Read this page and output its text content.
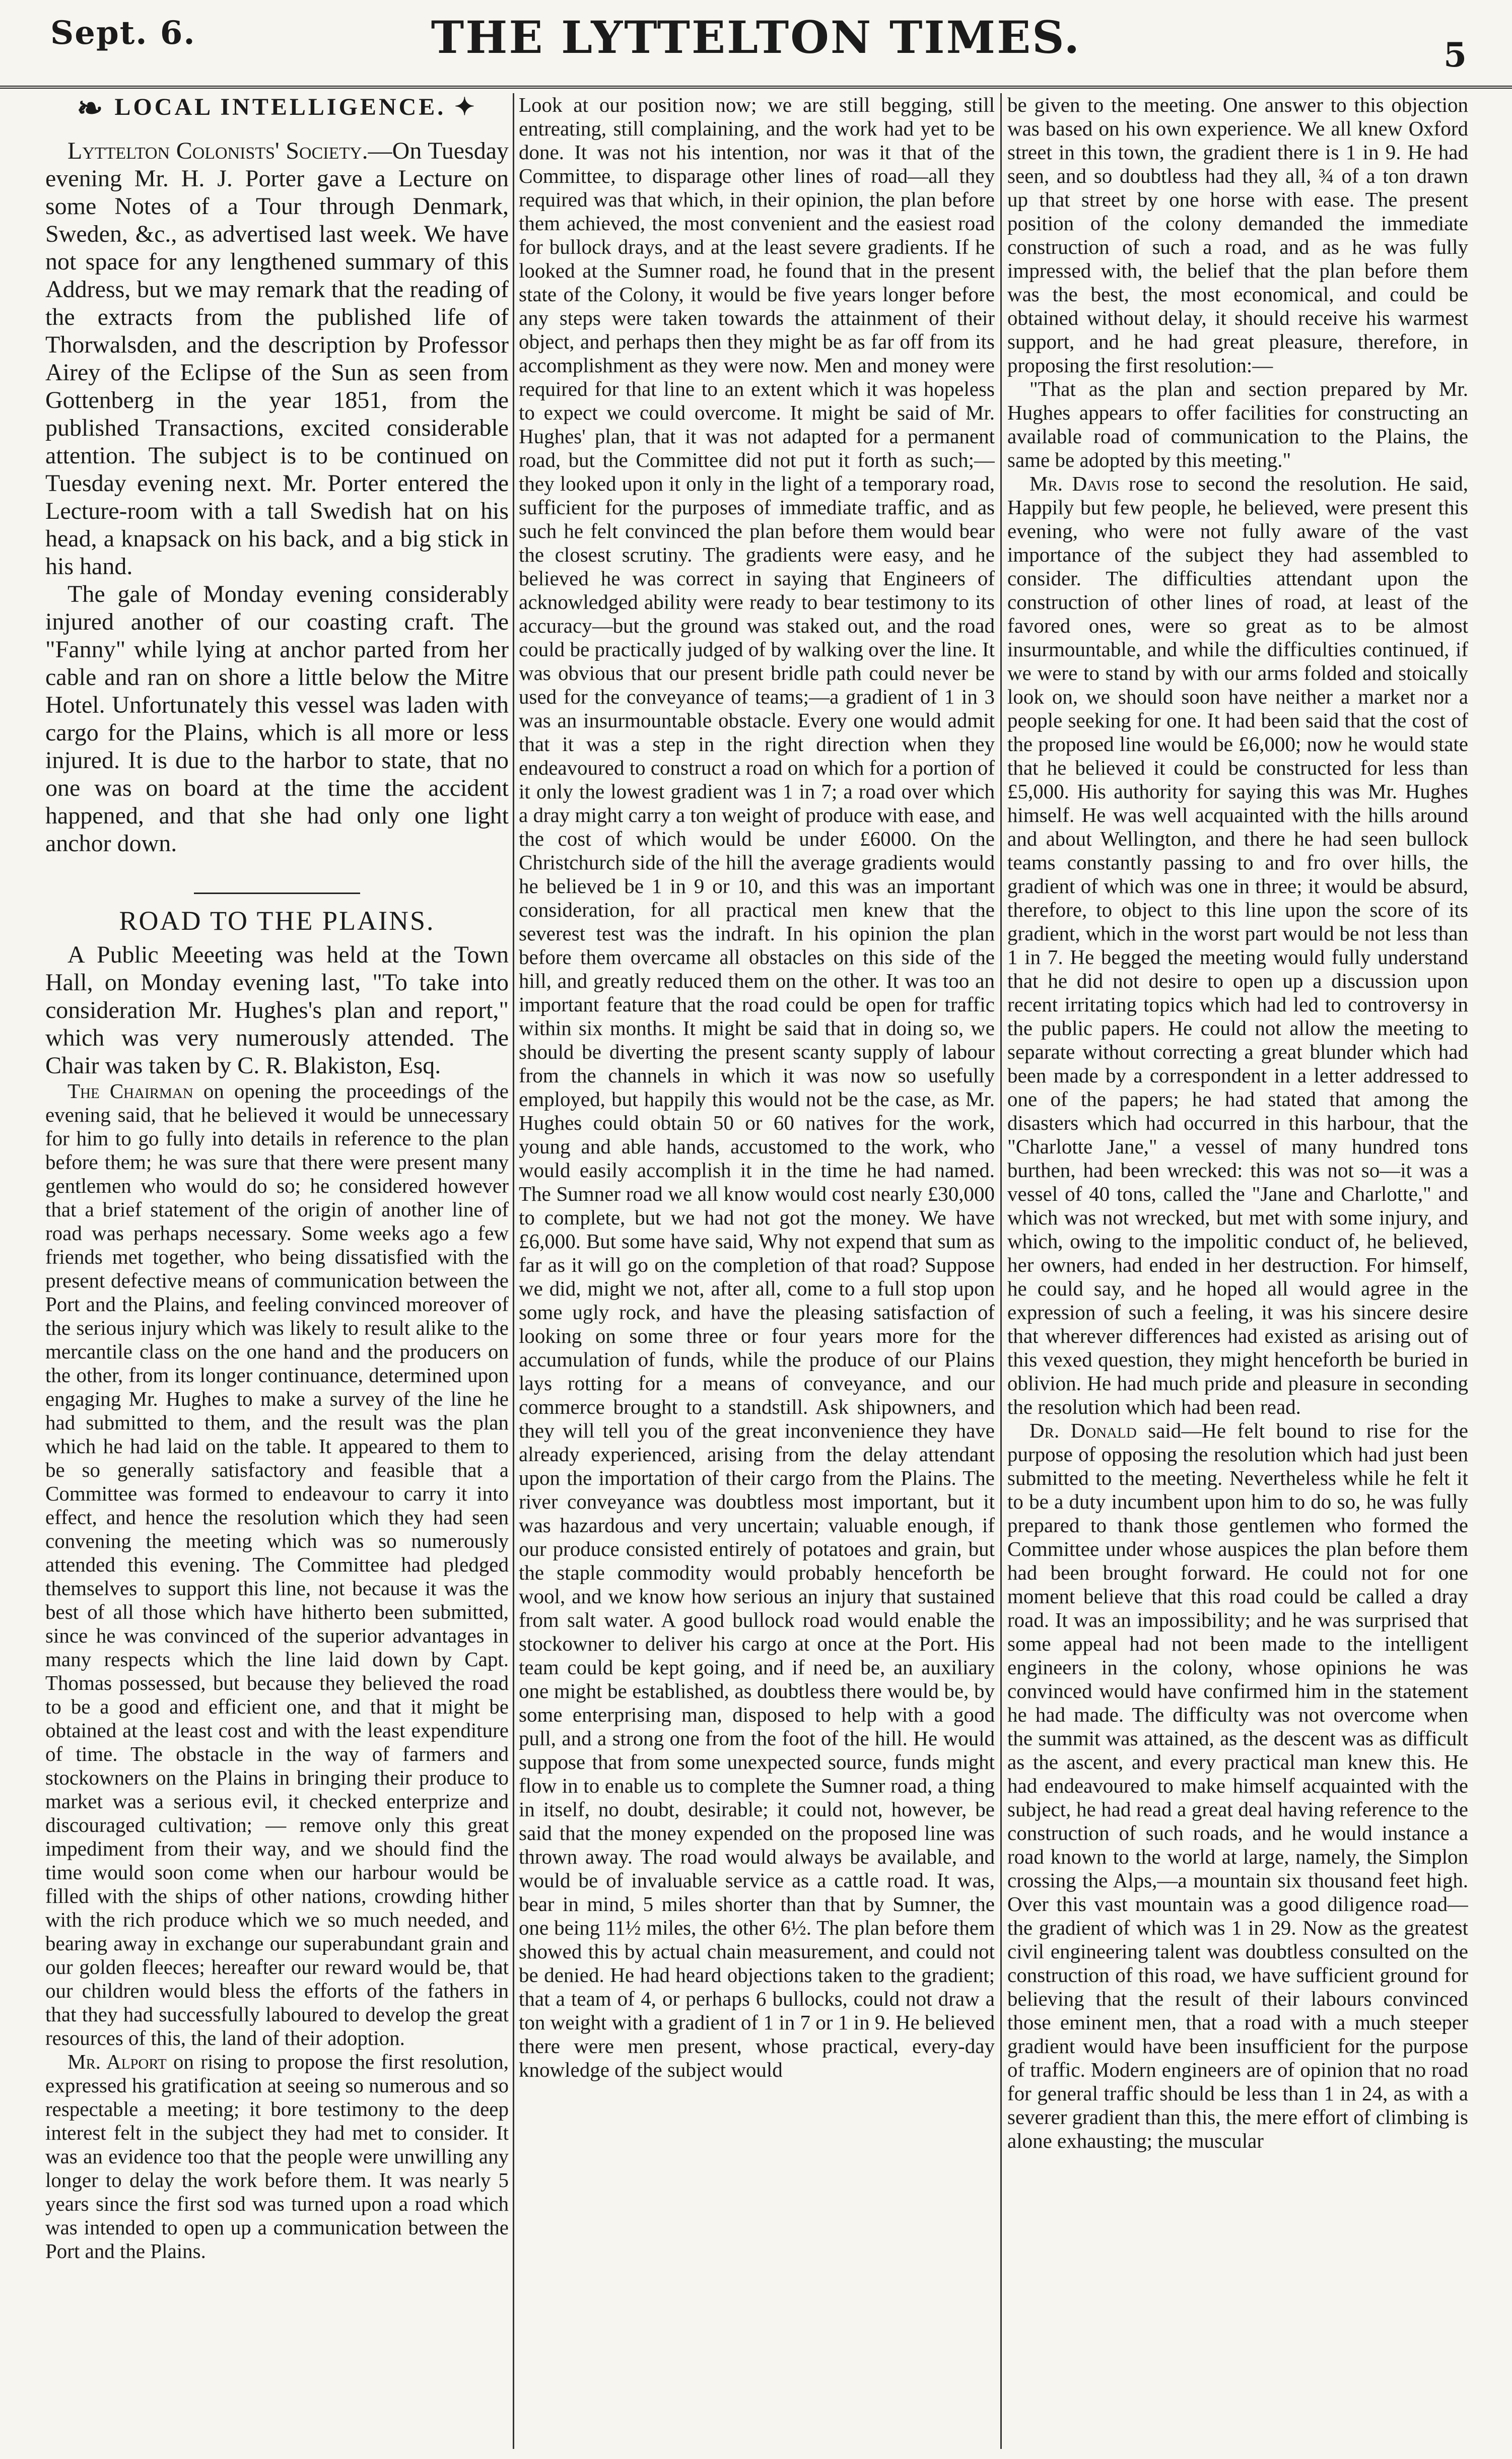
Sept. 6.	THE LYTTELTON TIMES.	5
❧ LOCAL INTELLIGENCE. ✦

Lyttelton Colonists' Society.—On Tuesday evening Mr. H. J. Porter gave a Lecture on some Notes of a Tour through Denmark, Sweden, &c., as advertised last week. We have not space for any lengthened summary of this Address, but we may remark that the reading of the extracts from the published life of Thorwalsden, and the description by Professor Airey of the Eclipse of the Sun as seen from Gottenberg in the year 1851, from the published Transactions, excited considerable attention. The subject is to be continued on Tuesday evening next. Mr. Porter entered the Lecture-room with a tall Swedish hat on his head, a knapsack on his back, and a big stick in his hand.

The gale of Monday evening considerably injured another of our coasting craft. The "Fanny" while lying at anchor parted from her cable and ran on shore a little below the Mitre Hotel. Unfortunately this vessel was laden with cargo for the Plains, which is all more or less injured. It is due to the harbor to state, that no one was on board at the time the accident happened, and that she had only one light anchor down.

ROAD TO THE PLAINS.

A Public Meeeting was held at the Town Hall, on Monday evening last, "To take into consideration Mr. Hughes's plan and report," which was very numerously attended. The Chair was taken by C. R. Blakiston, Esq.

The Chairman on opening the proceedings of the evening said, that he believed it would be unnecessary for him to go fully into details in reference to the plan before them; he was sure that there were present many gentlemen who would do so; he considered however that a brief statement of the origin of another line of road was perhaps necessary. Some weeks ago a few friends met together, who being dissatisfied with the present defective means of communication between the Port and the Plains, and feeling convinced moreover of the serious injury which was likely to result alike to the mercantile class on the one hand and the producers on the other, from its longer continuance, determined upon engaging Mr. Hughes to make a survey of the line he had submitted to them, and the result was the plan which he had laid on the table. It appeared to them to be so generally satisfactory and feasible that a Committee was formed to endeavour to carry it into effect, and hence the resolution which they had seen convening the meeting which was so numerously attended this evening. The Committee had pledged themselves to support this line, not because it was the best of all those which have hitherto been submitted, since he was convinced of the superior advantages in many respects which the line laid down by Capt. Thomas possessed, but because they believed the road to be a good and efficient one, and that it might be obtained at the least cost and with the least expenditure of time. The obstacle in the way of farmers and stockowners on the Plains in bringing their produce to market was a serious evil, it checked enterprize and discouraged cultivation; — remove only this great impediment from their way, and we should find the time would soon come when our harbour would be filled with the ships of other nations, crowding hither with the rich produce which we so much needed, and bearing away in exchange our superabundant grain and our golden fleeces; hereafter our reward would be, that our children would bless the efforts of the fathers in that they had successfully laboured to develop the great resources of this, the land of their adoption.

Mr. Alport on rising to propose the first resolution, expressed his gratification at seeing so numerous and so respectable a meeting; it bore testimony to the deep interest felt in the subject they had met to consider. It was an evidence too that the people were unwilling any longer to delay the work before them. It was nearly 5 years since the first sod was turned upon a road which was intended to open up a communication between the Port and the Plains.

Look at our position now; we are still begging, still entreating, still complaining, and the work had yet to be done. It was not his intention, nor was it that of the Committee, to disparage other lines of road—all they required was that which, in their opinion, the plan before them achieved, the most convenient and the easiest road for bullock drays, and at the least severe gradients. If he looked at the Sumner road, he found that in the present state of the Colony, it would be five years longer before any steps were taken towards the attainment of their object, and perhaps then they might be as far off from its accomplishment as they were now. Men and money were required for that line to an extent which it was hopeless to expect we could overcome. It might be said of Mr. Hughes' plan, that it was not adapted for a permanent road, but the Committee did not put it forth as such;—they looked upon it only in the light of a temporary road, sufficient for the purposes of immediate traffic, and as such he felt convinced the plan before them would bear the closest scrutiny. The gradients were easy, and he believed he was correct in saying that Engineers of acknowledged ability were ready to bear testimony to its accuracy—but the ground was staked out, and the road could be practically judged of by walking over the line. It was obvious that our present bridle path could never be used for the conveyance of teams;—a gradient of 1 in 3 was an insurmountable obstacle. Every one would admit that it was a step in the right direction when they endeavoured to construct a road on which for a portion of it only the lowest gradient was 1 in 7; a road over which a dray might carry a ton weight of produce with ease, and the cost of which would be under £6000. On the Christchurch side of the hill the average gradients would he believed be 1 in 9 or 10, and this was an important consideration, for all practical men knew that the severest test was the indraft. In his opinion the plan before them overcame all obstacles on this side of the hill, and greatly reduced them on the other. It was too an important feature that the road could be open for traffic within six months. It might be said that in doing so, we should be diverting the present scanty supply of labour from the channels in which it was now so usefully employed, but happily this would not be the case, as Mr. Hughes could obtain 50 or 60 natives for the work, young and able hands, accustomed to the work, who would easily accomplish it in the time he had named. The Sumner road we all know would cost nearly £30,000 to complete, but we had not got the money. We have £6,000. But some have said, Why not expend that sum as far as it will go on the completion of that road? Suppose we did, might we not, after all, come to a full stop upon some ugly rock, and have the pleasing satisfaction of looking on some three or four years more for the accumulation of funds, while the produce of our Plains lays rotting for a means of conveyance, and our commerce brought to a standstill. Ask shipowners, and they will tell you of the great inconvenience they have already experienced, arising from the delay attendant upon the importation of their cargo from the Plains. The river conveyance was doubtless most important, but it was hazardous and very uncertain; valuable enough, if our produce consisted entirely of potatoes and grain, but the staple commodity would probably henceforth be wool, and we know how serious an injury that sustained from salt water. A good bullock road would enable the stockowner to deliver his cargo at once at the Port. His team could be kept going, and if need be, an auxiliary one might be established, as doubtless there would be, by some enterprising man, disposed to help with a good pull, and a strong one from the foot of the hill. He would suppose that from some unexpected source, funds might flow in to enable us to complete the Sumner road, a thing in itself, no doubt, desirable; it could not, however, be said that the money expended on the proposed line was thrown away. The road would always be available, and would be of invaluable service as a cattle road. It was, bear in mind, 5 miles shorter than that by Sumner, the one being 11½ miles, the other 6½. The plan before them showed this by actual chain measurement, and could not be denied. He had heard objections taken to the gradient; that a team of 4, or perhaps 6 bullocks, could not draw a ton weight with a gradient of 1 in 7 or 1 in 9. He believed there were men present, whose practical, every-day knowledge of the subject would

be given to the meeting. One answer to this objection was based on his own experience. We all knew Oxford street in this town, the gradient there is 1 in 9. He had seen, and so doubtless had they all, ¾ of a ton drawn up that street by one horse with ease. The present position of the colony demanded the immediate construction of such a road, and as he was fully impressed with, the belief that the plan before them was the best, the most economical, and could be obtained without delay, it should receive his warmest support, and he had great pleasure, therefore, in proposing the first resolution:—

"That as the plan and section prepared by Mr. Hughes appears to offer facilities for constructing an available road of communication to the Plains, the same be adopted by this meeting."

Mr. Davis rose to second the resolution. He said, Happily but few people, he believed, were present this evening, who were not fully aware of the vast importance of the subject they had assembled to consider. The difficulties attendant upon the construction of other lines of road, at least of the favored ones, were so great as to be almost insurmountable, and while the difficulties continued, if we were to stand by with our arms folded and stoically look on, we should soon have neither a market nor a people seeking for one. It had been said that the cost of the proposed line would be £6,000; now he would state that he believed it could be constructed for less than £5,000. His authority for saying this was Mr. Hughes himself. He was well acquainted with the hills around and about Wellington, and there he had seen bullock teams constantly passing to and fro over hills, the gradient of which was one in three; it would be absurd, therefore, to object to this line upon the score of its gradient, which in the worst part would be not less than 1 in 7. He begged the meeting would fully understand that he did not desire to open up a discussion upon recent irritating topics which had led to controversy in the public papers. He could not allow the meeting to separate without correcting a great blunder which had been made by a correspondent in a letter addressed to one of the papers; he had stated that among the disasters which had occurred in this harbour, that the "Charlotte Jane," a vessel of many hundred tons burthen, had been wrecked: this was not so—it was a vessel of 40 tons, called the "Jane and Charlotte," and which was not wrecked, but met with some injury, and which, owing to the impolitic conduct of, he believed, her owners, had ended in her destruction. For himself, he could say, and he hoped all would agree in the expression of such a feeling, it was his sincere desire that wherever differences had existed as arising out of this vexed question, they might henceforth be buried in oblivion. He had much pride and pleasure in seconding the resolution which had been read.

Dr. Donald said—He felt bound to rise for the purpose of opposing the resolution which had just been submitted to the meeting. Nevertheless while he felt it to be a duty incumbent upon him to do so, he was fully prepared to thank those gentlemen who formed the Committee under whose auspices the plan before them had been brought forward. He could not for one moment believe that this road could be called a dray road. It was an impossibility; and he was surprised that some appeal had not been made to the intelligent engineers in the colony, whose opinions he was convinced would have confirmed him in the statement he had made. The difficulty was not overcome when the summit was attained, as the descent was as difficult as the ascent, and every practical man knew this. He had endeavoured to make himself acquainted with the subject, he had read a great deal having reference to the construction of such roads, and he would instance a road known to the world at large, namely, the Simplon crossing the Alps,—a mountain six thousand feet high. Over this vast mountain was a good diligence road—the gradient of which was 1 in 29. Now as the greatest civil engineering talent was doubtless consulted on the construction of this road, we have sufficient ground for believing that the result of their labours convinced those eminent men, that a road with a much steeper gradient would have been insufficient for the purpose of traffic. Modern engineers are of opinion that no road for general traffic should be less than 1 in 24, as with a severer gradient than this, the mere effort of climbing is alone exhausting; the muscular
